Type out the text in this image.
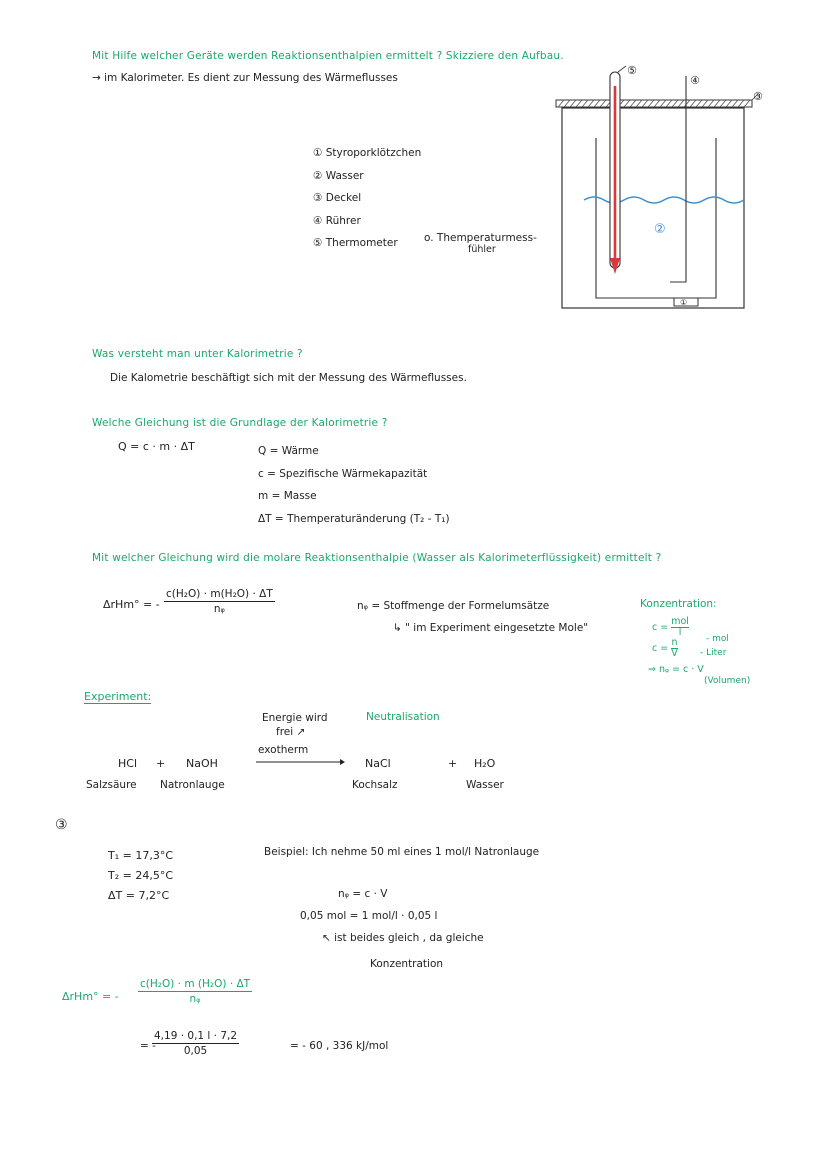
Mit Hilfe welcher Geräte werden Reaktionsenthalpien ermittelt ? Skizziere den Aufbau.
→ im Kalorimeter. Es dient zur Messung des Wärmeflusses
① Styroporklötzchen
② Wasser
③ Deckel
④ Rührer
⑤ Thermometer	o. Themperaturmess-
fühler
⑤
④
③
②
①
Was versteht man unter Kalorimetrie ?
Die Kalometrie beschäftigt sich mit der Messung des Wärmeflusses.
Welche Gleichung ist die Grundlage der Kalorimetrie ?
Q = c · m · ΔT	Q = Wärme
c = Spezifische Wärmekapazität
m = Masse
ΔT = Themperaturänderung (T₂ - T₁)
Mit welcher Gleichung wird die molare Reaktionsenthalpie (Wasser als Kalorimeterflüssigkeit) ermittelt ?
ΔrHm° = - $\frac{\text{c(H₂O) · m(H₂O) · ΔT}}{\text{nᵩ}}$	nᵩ = Stoffmenge der Formelumsätze
↳ " im Experiment eingesetzte Mole"
Konzentration:
c =
mol
l
$c = \frac{n}{V}$	- mol
- Liter
⇒ nᵩ = c · V
(Volumen)
Experiment:
Energie wird
frei ↗
Neutralisation
exotherm
HCl + NaOH	NaCl	+ H₂O
Salzsäure Natronlauge	Kochsalz	Wasser
③
T₁ = 17,3°C
T₂ = 24,5°C
ΔT = 7,2°C
Beispiel: Ich nehme 50 ml eines 1 mol/l Natronlauge
nᵩ = c · V
0,05 mol = 1 mol/l · 0,05 l
↖ ist beides gleich , da gleiche
Konzentration
ΔrHm° = - $\frac{\text{c(H₂O) · m (H₂O) · ΔT}}{\text{nᵩ}}$
= -
$\frac{4,19 \cdot 0,1 l \cdot 7,2}{0,05}$	= - 60 , 336 kJ/mol
